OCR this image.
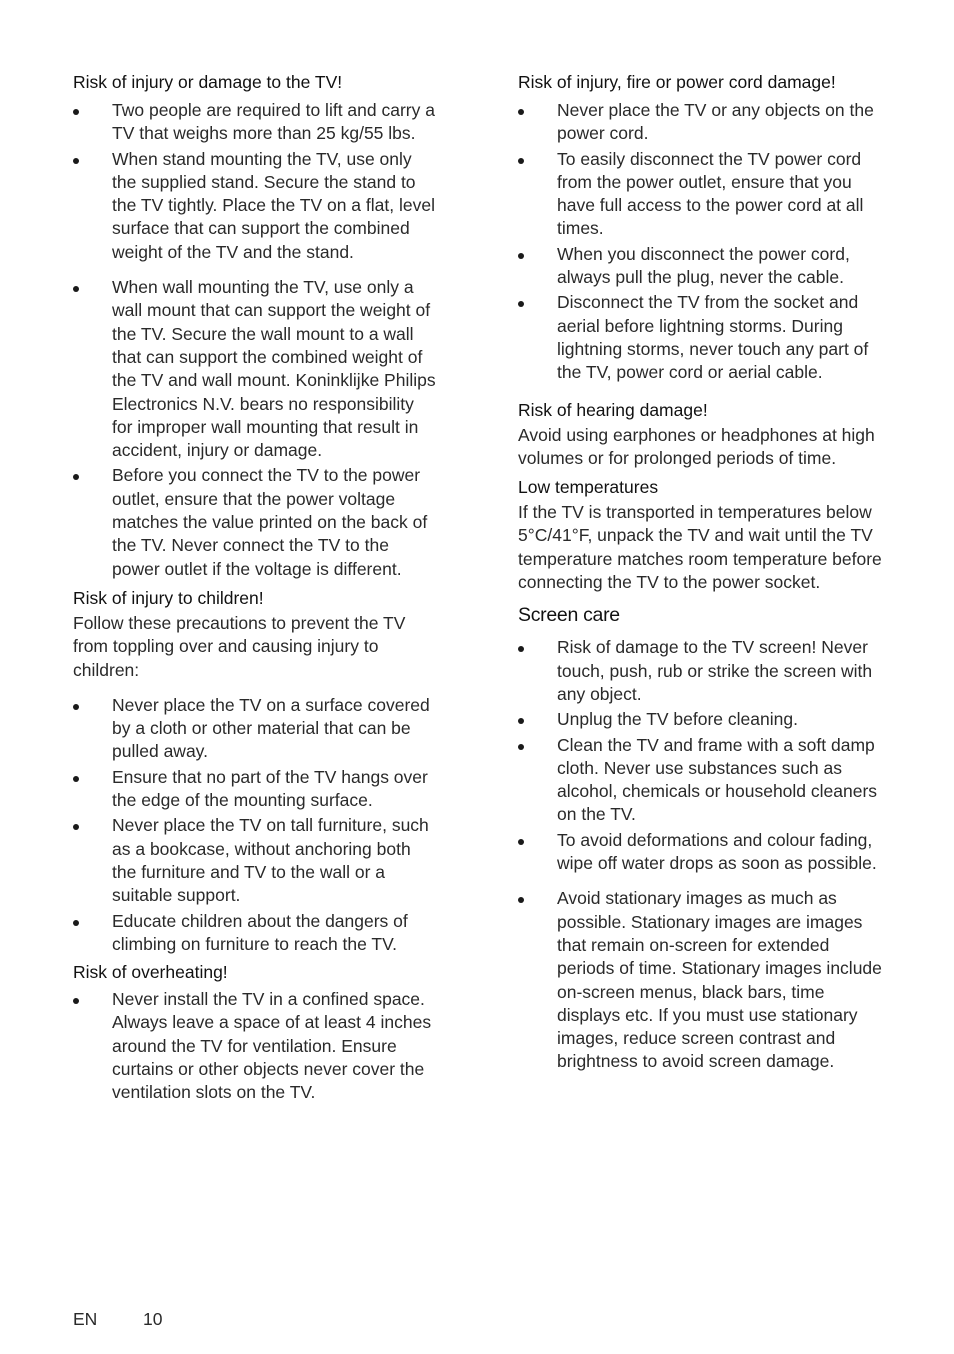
Risk of injury or damage to the TV!

Two people are required to lift and carry a TV that weighs more than 25 kg/55 lbs.
When stand mounting the TV, use only the supplied stand. Secure the stand to the TV tightly. Place the TV on a flat, level surface that can support the combined weight of the TV and the stand.
When wall mounting the TV, use only a wall mount that can support the weight of the TV. Secure the wall mount to a wall that can support the combined weight of the TV and wall mount. Koninklijke Philips Electronics N.V. bears no responsibility for improper wall mounting that result in accident, injury or damage.
Before you connect the TV to the power outlet, ensure that the power voltage matches the value printed on the back of the TV. Never connect the TV to the power outlet if the voltage is different.

Risk of injury to children!

Follow these precautions to prevent the TV from toppling over and causing injury to children:

Never place the TV on a surface covered by a cloth or other material that can be pulled away.
Ensure that no part of the TV hangs over the edge of the mounting surface.
Never place the TV on tall furniture, such as a bookcase, without anchoring both the furniture and TV to the wall or a suitable support.
Educate children about the dangers of climbing on furniture to reach the TV.

Risk of overheating!

Never install the TV in a confined space. Always leave a space of at least 4 inches around the TV for ventilation. Ensure curtains or other objects never cover the ventilation slots on the TV.

Risk of injury, fire or power cord damage!

Never place the TV or any objects on the power cord.
To easily disconnect the TV power cord from the power outlet, ensure that you have full access to the power cord at all times.
When you disconnect the power cord, always pull the plug, never the cable.
Disconnect the TV from the socket and aerial before lightning storms. During lightning storms, never touch any part of the TV, power cord or aerial cable.

Risk of hearing damage!

Avoid using earphones or headphones at high volumes or for prolonged periods of time.

Low temperatures

If the TV is transported in temperatures below 5°C/41°F, unpack the TV and wait until the TV temperature matches room temperature before connecting the TV to the power socket.

Screen care

Risk of damage to the TV screen! Never touch, push, rub or strike the screen with any object.
Unplug the TV before cleaning.
Clean the TV and frame with a soft damp cloth. Never use substances such as alcohol, chemicals or household cleaners on the TV.
To avoid deformations and colour fading, wipe off water drops as soon as possible.
Avoid stationary images as much as possible. Stationary images are images that remain on-screen for extended periods of time. Stationary images include on-screen menus, black bars, time displays etc. If you must use stationary images, reduce screen contrast and brightness to avoid screen damage.
EN	10
